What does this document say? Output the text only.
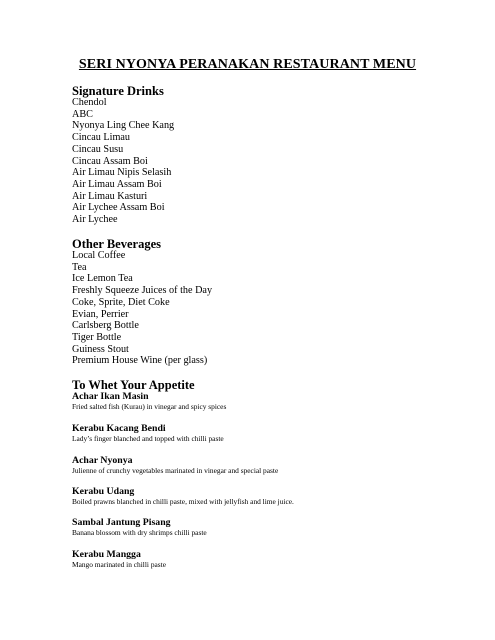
SERI NYONYA PERANAKAN RESTAURANT MENU
Signature Drinks
Chendol
ABC
Nyonya Ling Chee Kang
Cincau Limau
Cincau Susu
Cincau Assam Boi
Air Limau Nipis Selasih
Air Limau Assam Boi
Air Limau Kasturi
Air Lychee Assam Boi
Air Lychee
Other Beverages
Local Coffee
Tea
Ice Lemon Tea
Freshly Squeeze Juices of the Day
Coke, Sprite, Diet Coke
Evian, Perrier
Carlsberg Bottle
Tiger Bottle
Guiness Stout
Premium House Wine (per glass)
To Whet Your Appetite
Achar Ikan Masin
Fried salted fish (Kurau) in vinegar and spicy spices
Kerabu Kacang Bendi
Lady’s finger blanched and topped with chilli paste
Achar Nyonya
Julienne of crunchy vegetables marinated in vinegar and special paste
Kerabu Udang
Boiled prawns blanched in chilli paste, mixed with jellyfish and lime juice.
Sambal Jantung Pisang
Banana blossom with dry shrimps chilli paste
Kerabu Mangga
Mango marinated in chilli paste
